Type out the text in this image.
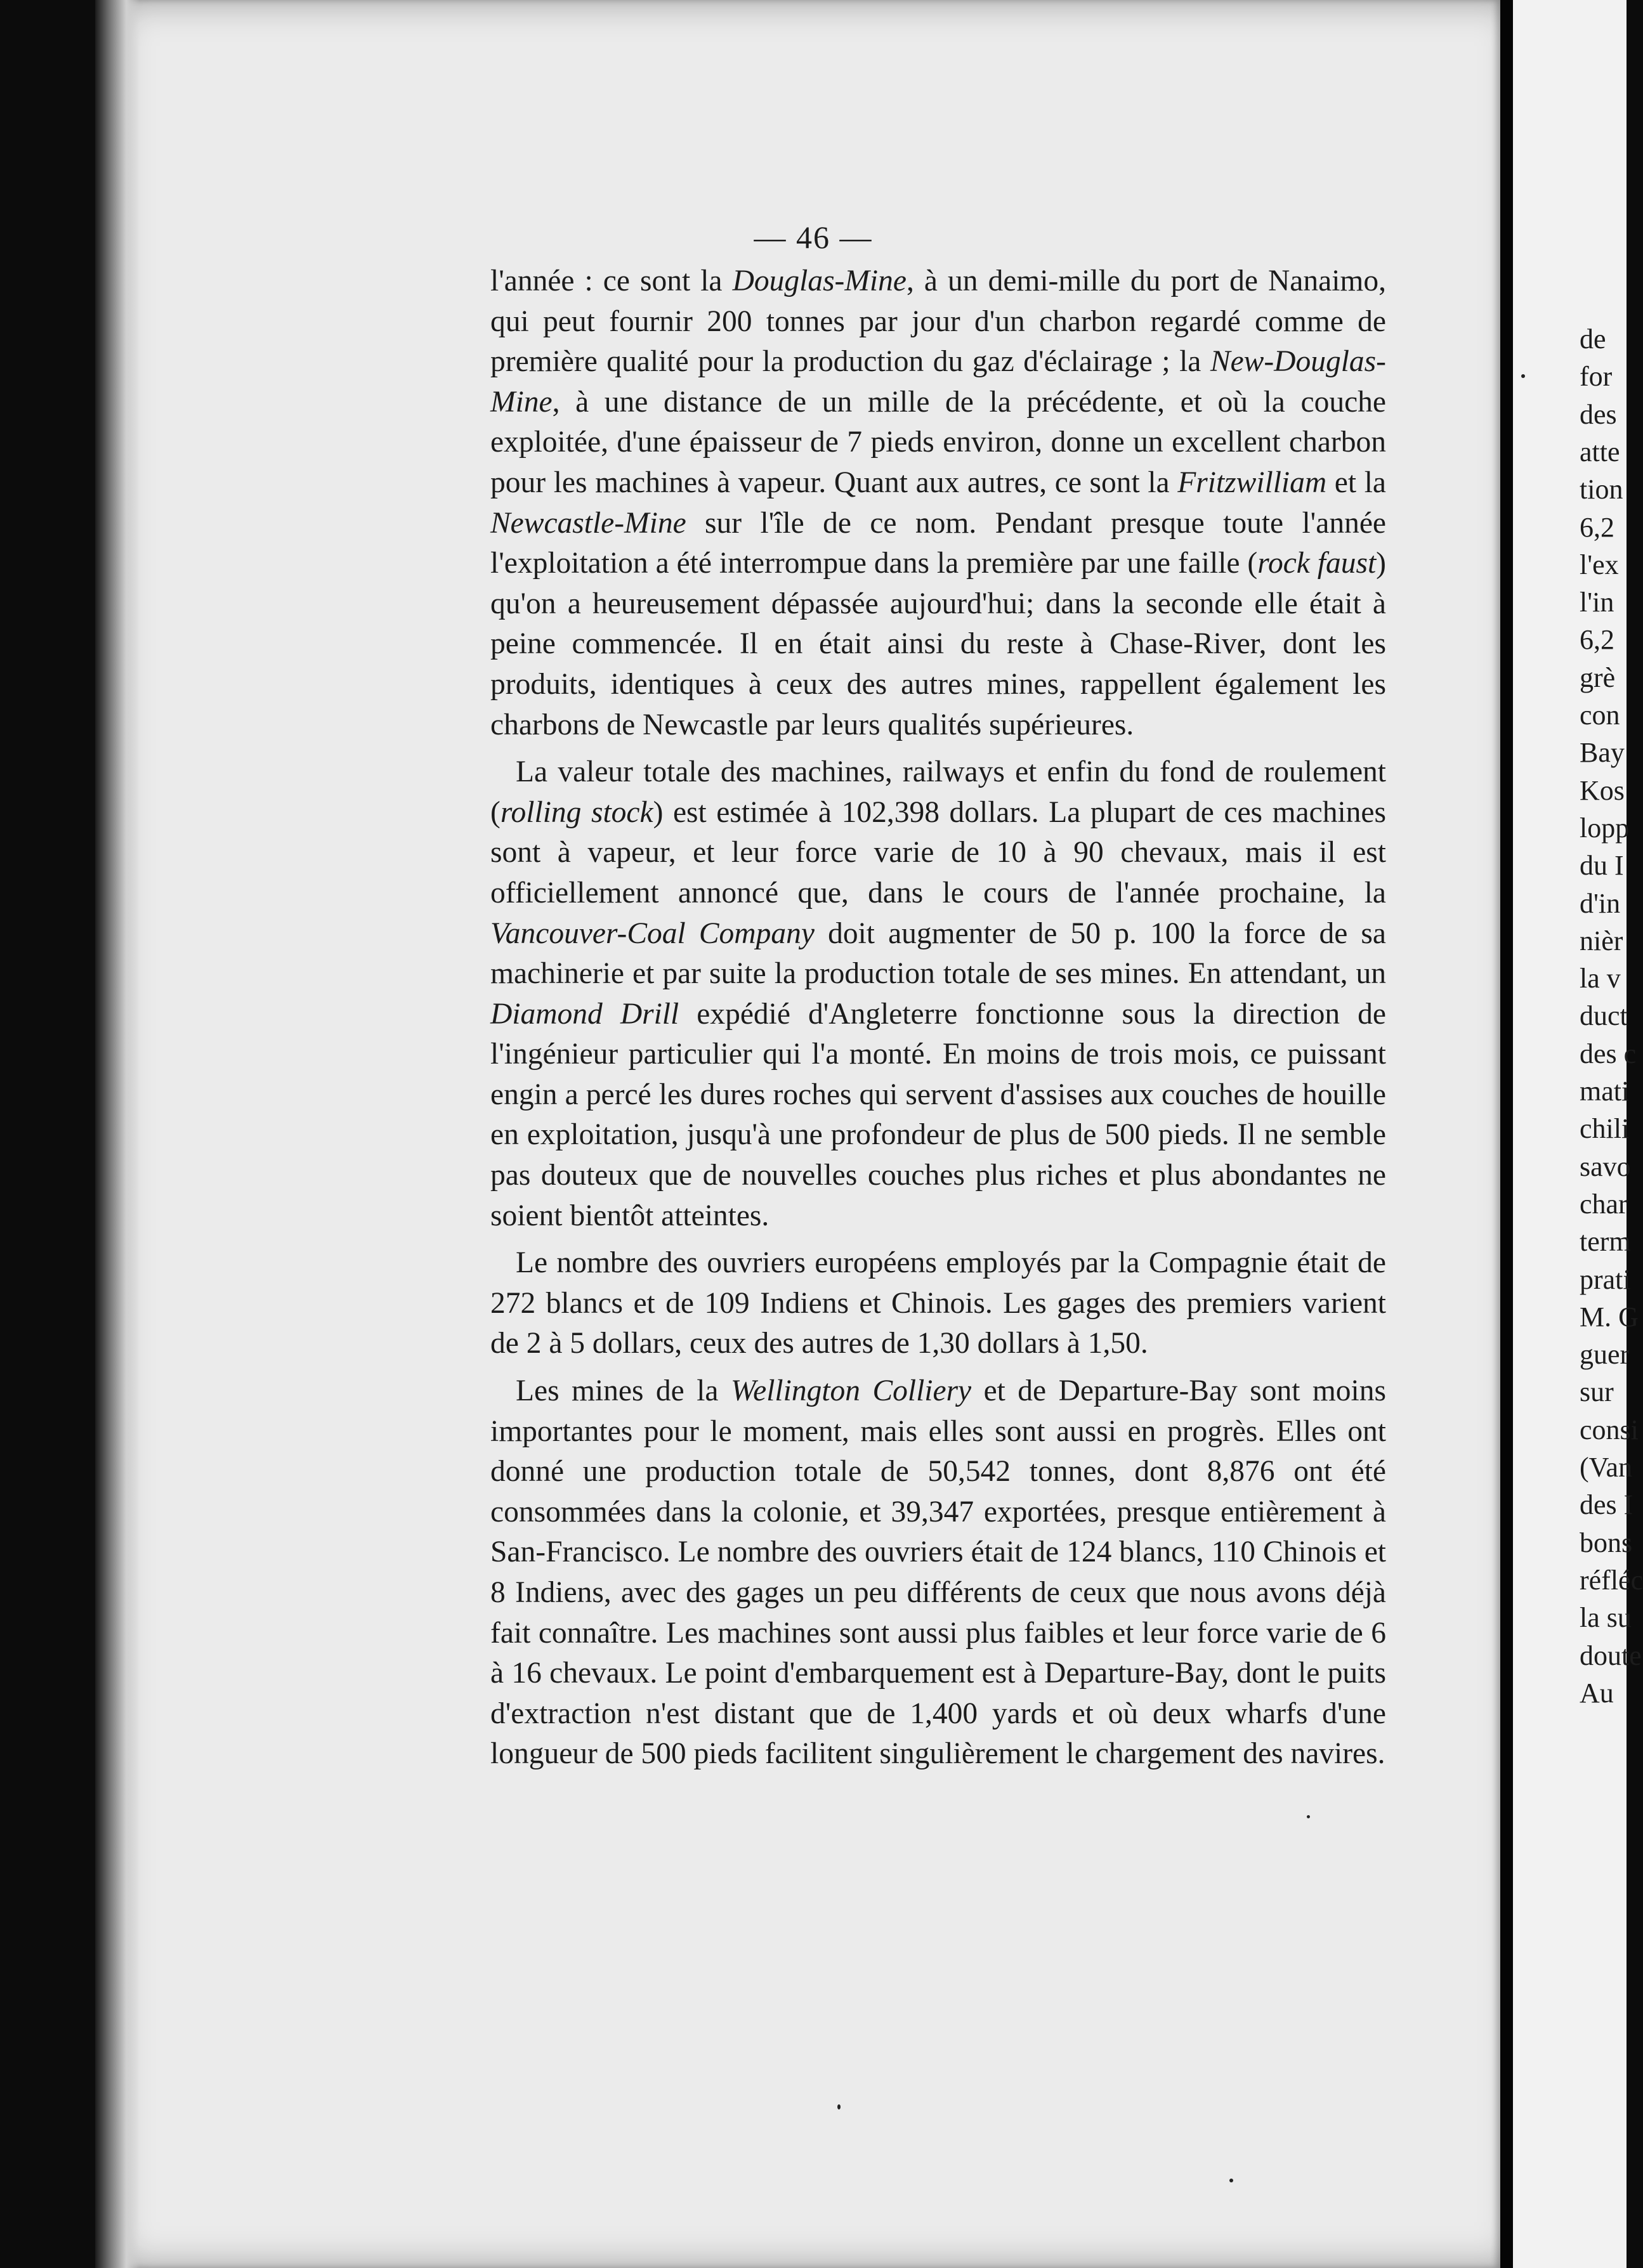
de
for
des
atte
tion
6,2
l'ex
l'in
6,2
grè
con
Bay
Kos
lopp
du I
d'in
nièr
la v
duct
des c
mati
chili
savo
char
term
prati
M. G
guer
sur
consi
(Van
des I
bons
réfléc
la su
doute
Au
— 46 —

l'année : ce sont la Douglas-Mine, à un demi-mille du port de Nanaimo, qui peut fournir 200 tonnes par jour d'un charbon regardé comme de première qualité pour la production du gaz d'éclairage ; la New-Douglas-Mine, à une distance de un mille de la précédente, et où la couche exploitée, d'une épaisseur de 7 pieds environ, donne un excellent charbon pour les machines à vapeur. Quant aux autres, ce sont la Fritzwilliam et la Newcastle-Mine sur l'île de ce nom. Pendant presque toute l'année l'exploitation a été interrompue dans la première par une faille (rock faust) qu'on a heureusement dépassée aujourd'hui; dans la seconde elle était à peine commencée. Il en était ainsi du reste à Chase-River, dont les produits, identiques à ceux des autres mines, rappellent également les charbons de Newcastle par leurs qualités supérieures.

La valeur totale des machines, railways et enfin du fond de roulement (rolling stock) est estimée à 102,398 dollars. La plupart de ces machines sont à vapeur, et leur force varie de 10 à 90 chevaux, mais il est officiellement annoncé que, dans le cours de l'année prochaine, la Vancouver-Coal Company doit augmenter de 50 p. 100 la force de sa machinerie et par suite la production totale de ses mines. En attendant, un Diamond Drill expédié d'Angleterre fonctionne sous la direction de l'ingénieur particulier qui l'a monté. En moins de trois mois, ce puissant engin a percé les dures roches qui servent d'assises aux couches de houille en exploitation, jusqu'à une profondeur de plus de 500 pieds. Il ne semble pas douteux que de nouvelles couches plus riches et plus abondantes ne soient bientôt atteintes.

Le nombre des ouvriers européens employés par la Compagnie était de 272 blancs et de 109 Indiens et Chinois. Les gages des premiers varient de 2 à 5 dollars, ceux des autres de 1,30 dollars à 1,50.

Les mines de la Wellington Colliery et de Departure-Bay sont moins importantes pour le moment, mais elles sont aussi en progrès. Elles ont donné une production totale de 50,542 tonnes, dont 8,876 ont été consommées dans la colonie, et 39,347 exportées, presque entièrement à San-Francisco. Le nombre des ouvriers était de 124 blancs, 110 Chinois et 8 Indiens, avec des gages un peu différents de ceux que nous avons déjà fait connaître. Les machines sont aussi plus faibles et leur force varie de 6 à 16 chevaux. Le point d'embarquement est à Departure-Bay, dont le puits d'extraction n'est distant que de 1,400 yards et où deux wharfs d'une longueur de 500 pieds facilitent singulièrement le chargement des navires.
